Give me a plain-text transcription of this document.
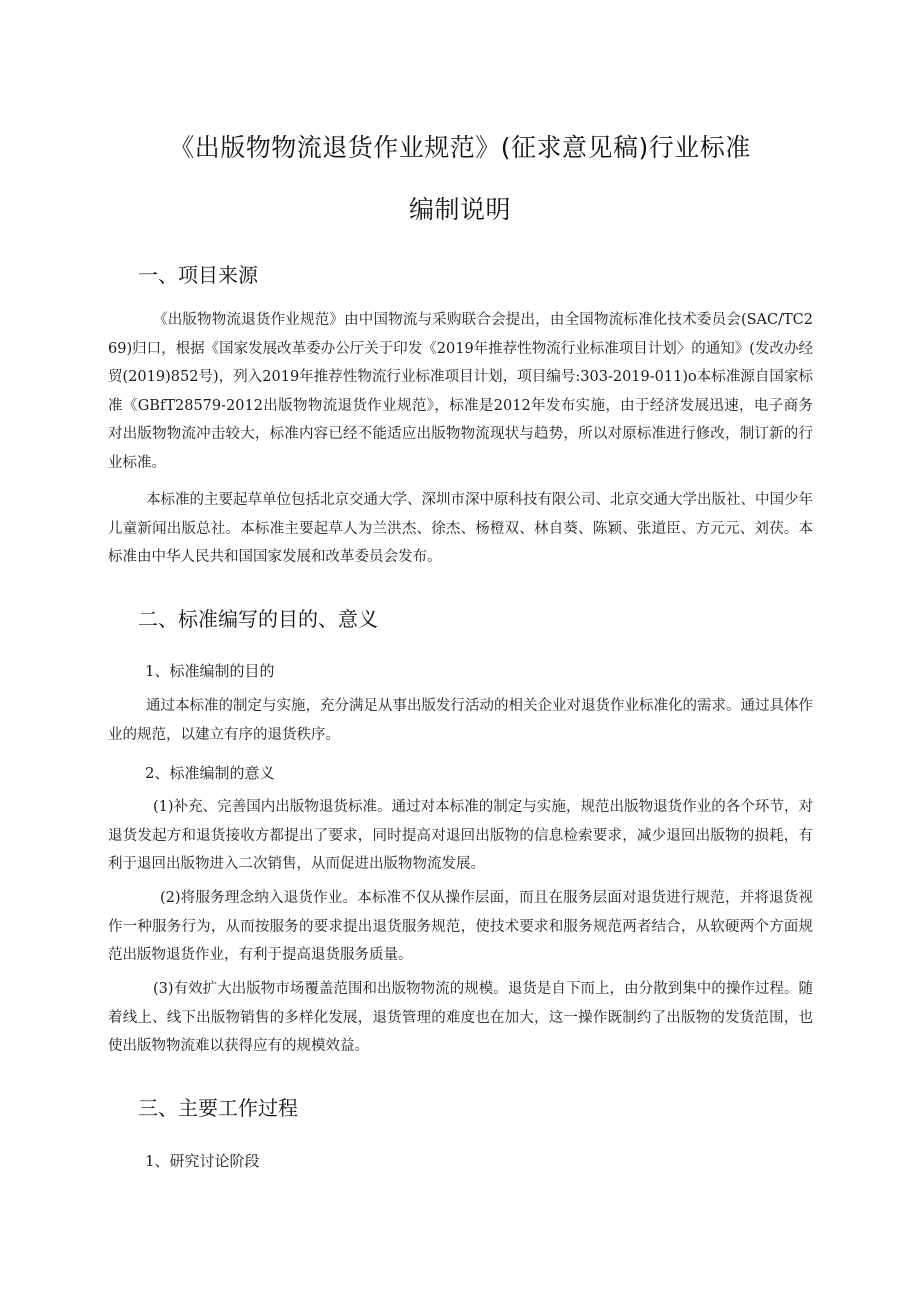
《出版物物流退货作业规范》(征求意见稿)行业标准
编制说明
一、项目来源
《出版物物流退货作业规范》由中国物流与采购联合会提出，由全国物流标准化技术委员会(SAC/TC269)归口，根据《国家发展改革委办公厅关于印发《2019年推荐性物流行业标准项目计划〉的通知》(发改办经贸(2019)852号)，列入2019年推荐性物流行业标准项目计划，项目编号:303-2019-011)o本标准源自国家标准《GBfT28579-2012出版物物流退货作业规范》，标准是2012年发布实施，由于经济发展迅速，电子商务对出版物物流冲击较大，标准内容已经不能适应出版物物流现状与趋势，所以对原标准进行修改，制订新的行业标准。
本标准的主要起草单位包括北京交通大学、深圳市深中原科技有限公司、北京交通大学出版社、中国少年儿童新闻出版总社。本标准主要起草人为兰洪杰、徐杰、杨橙双、林自葵、陈颖、张道臣、方元元、刘茯。本标准由中华人民共和国国家发展和改革委员会发布。
二、标准编写的目的、意义
1、标准编制的目的
通过本标准的制定与实施，充分满足从事出版发行活动的相关企业对退货作业标准化的需求。通过具体作业的规范，以建立有序的退货秩序。
2、标准编制的意义
(1)补充、完善国内出版物退货标准。通过对本标准的制定与实施，规范出版物退货作业的各个环节，对退货发起方和退货接收方都提出了要求，同时提高对退回出版物的信息检索要求，减少退回出版物的损耗，有利于退回出版物进入二次销售，从而促进出版物物流发展。
(2)将服务理念纳入退货作业。本标准不仅从操作层面，而且在服务层面对退货进行规范，并将退货视作一种服务行为，从而按服务的要求提出退货服务规范，使技术要求和服务规范两者结合，从软硬两个方面规范出版物退货作业，有利于提高退货服务质量。
(3)有效扩大出版物市场覆盖范围和出版物物流的规模。退货是自下而上，由分散到集中的操作过程。随着线上、线下出版物销售的多样化发展，退货管理的难度也在加大，这一操作既制约了出版物的发货范围，也使出版物物流难以获得应有的规模效益。
三、主要工作过程
1、研究讨论阶段
